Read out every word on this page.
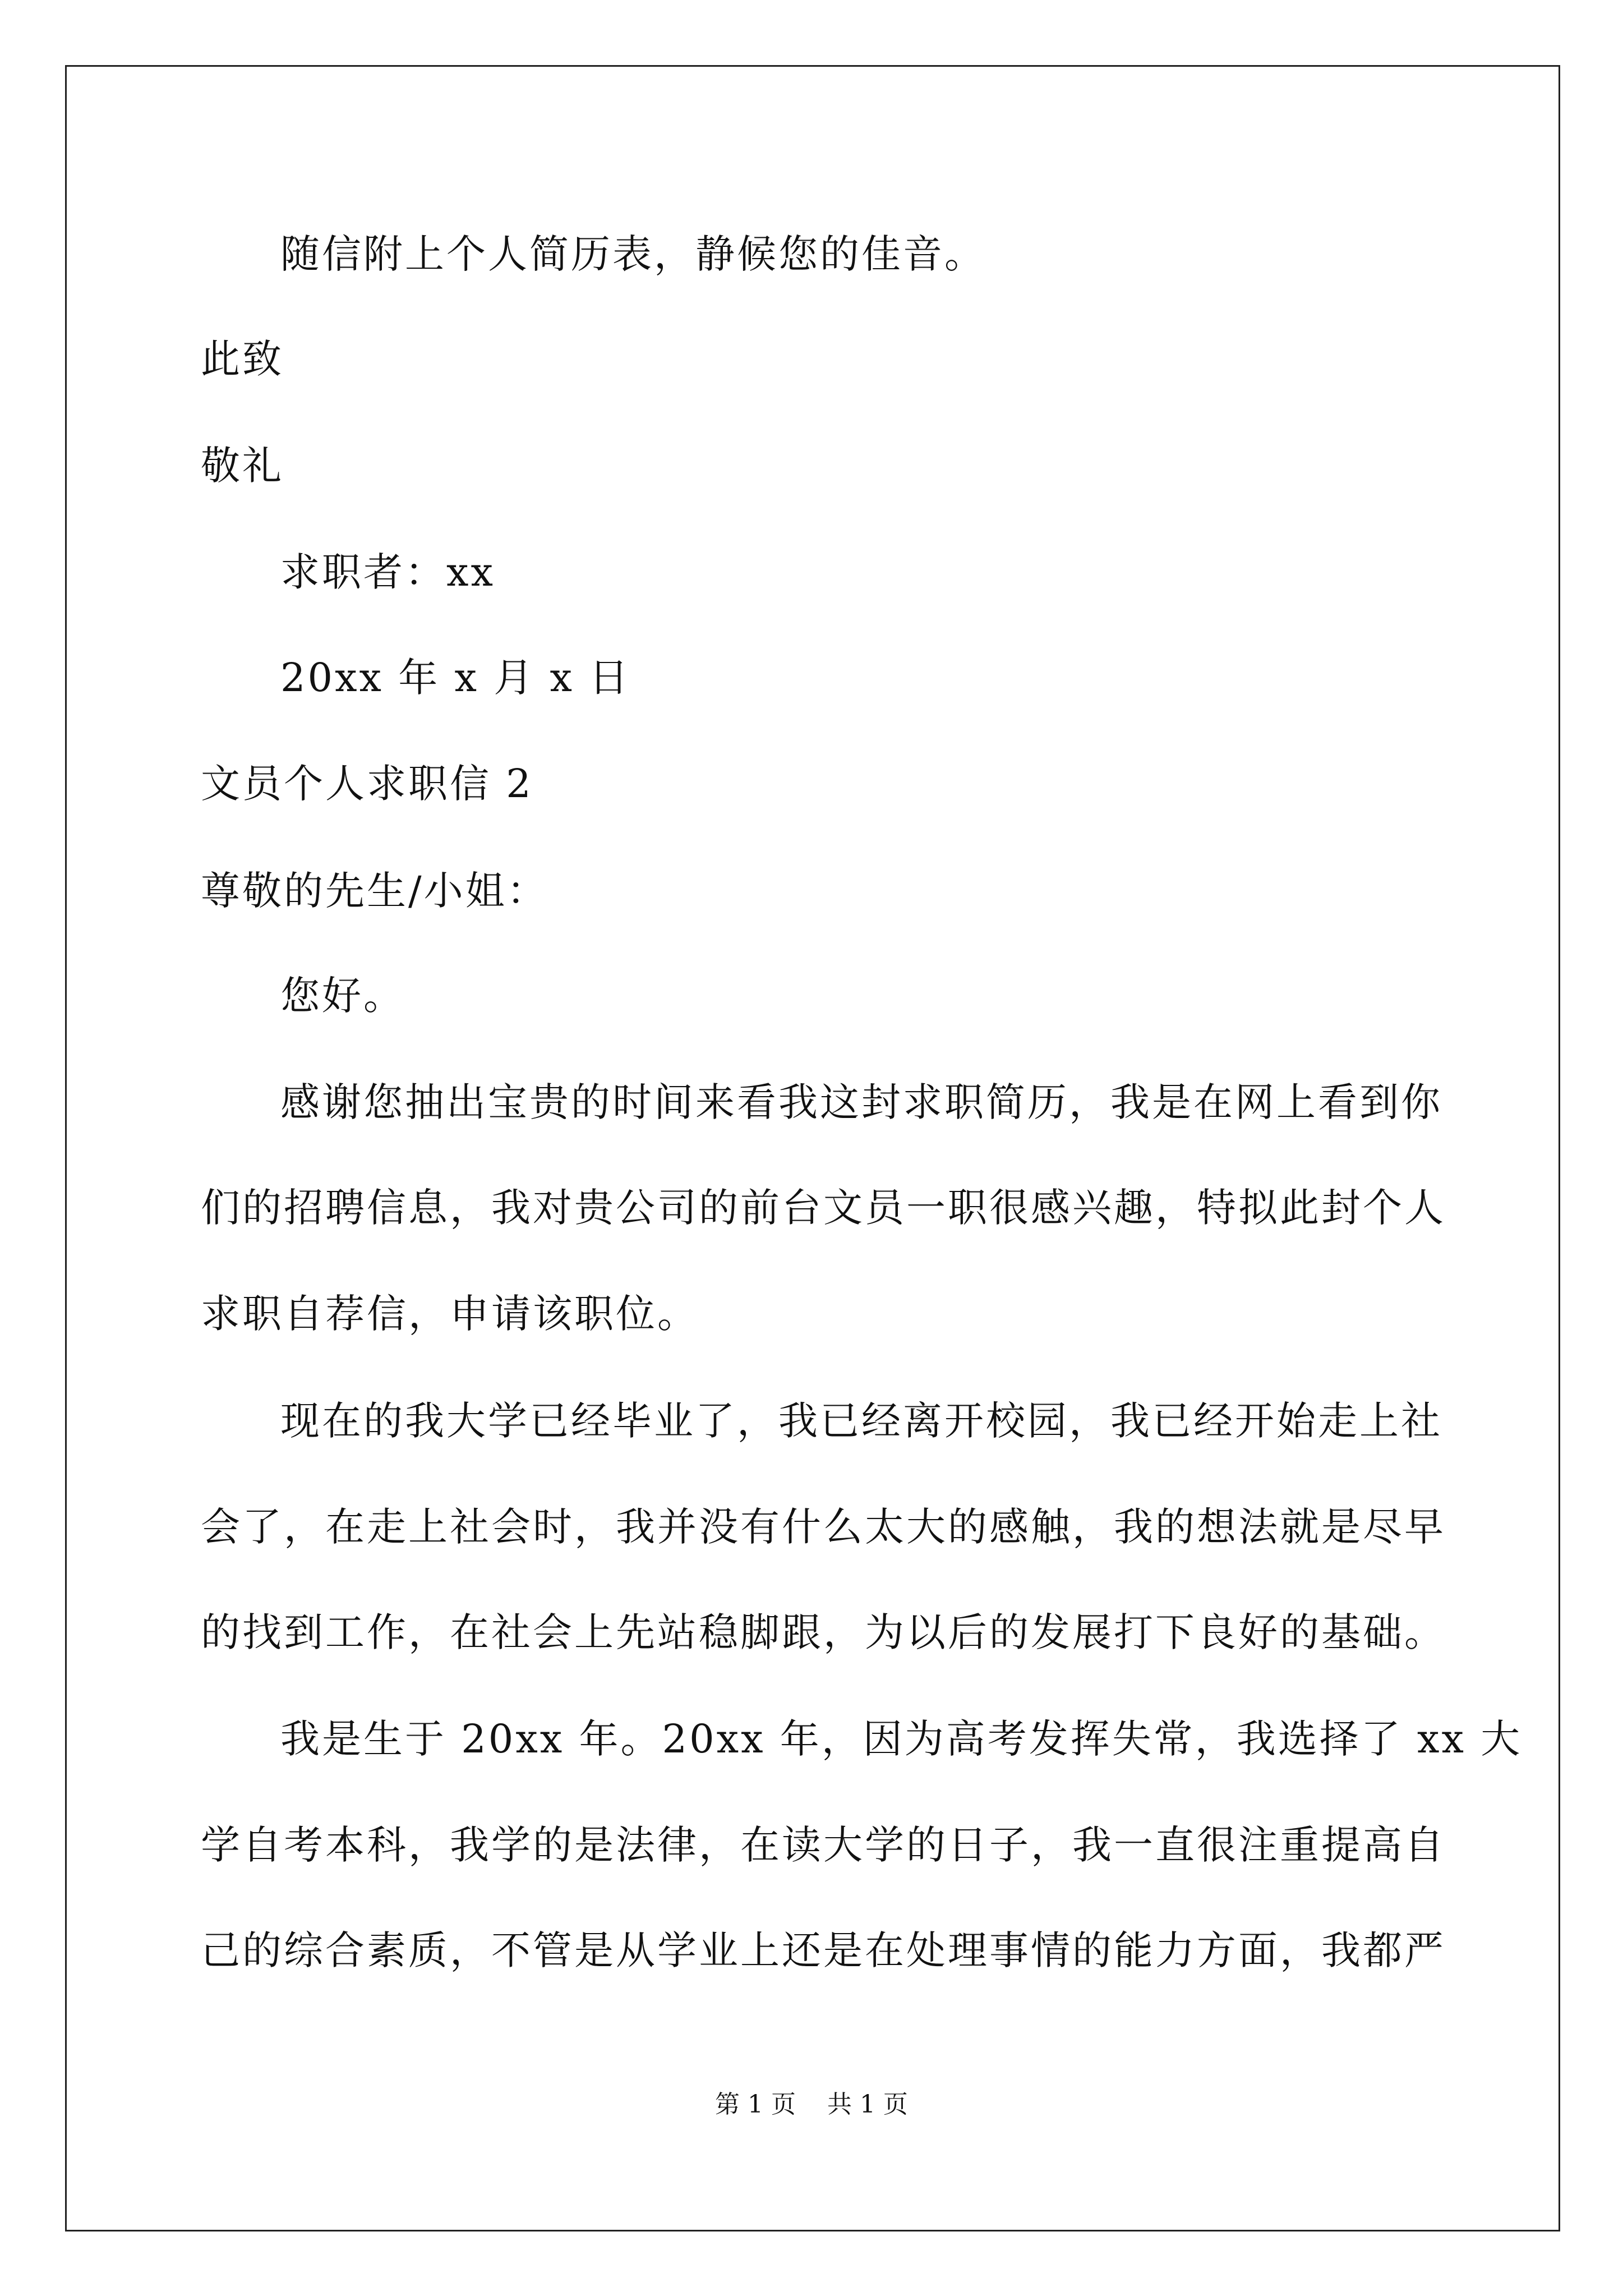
随信附上个人简历表，静候您的佳音。

此致

敬礼

求职者：xx

20xx 年 x 月 x 日

文员个人求职信 2

尊敬的先生/小姐：

您好。

感谢您抽出宝贵的时间来看我这封求职简历，我是在网上看到你

们的招聘信息，我对贵公司的前台文员一职很感兴趣，特拟此封个人

求职自荐信，申请该职位。

现在的我大学已经毕业了，我已经离开校园，我已经开始走上社

会了，在走上社会时，我并没有什么太大的感触，我的想法就是尽早

的找到工作，在社会上先站稳脚跟，为以后的发展打下良好的基础。

我是生于 20xx 年。20xx 年，因为高考发挥失常，我选择了 xx 大

学自考本科，我学的是法律，在读大学的日子，我一直很注重提高自

己的综合素质，不管是从学业上还是在处理事情的能力方面，我都严

第 1 页    共 1 页
